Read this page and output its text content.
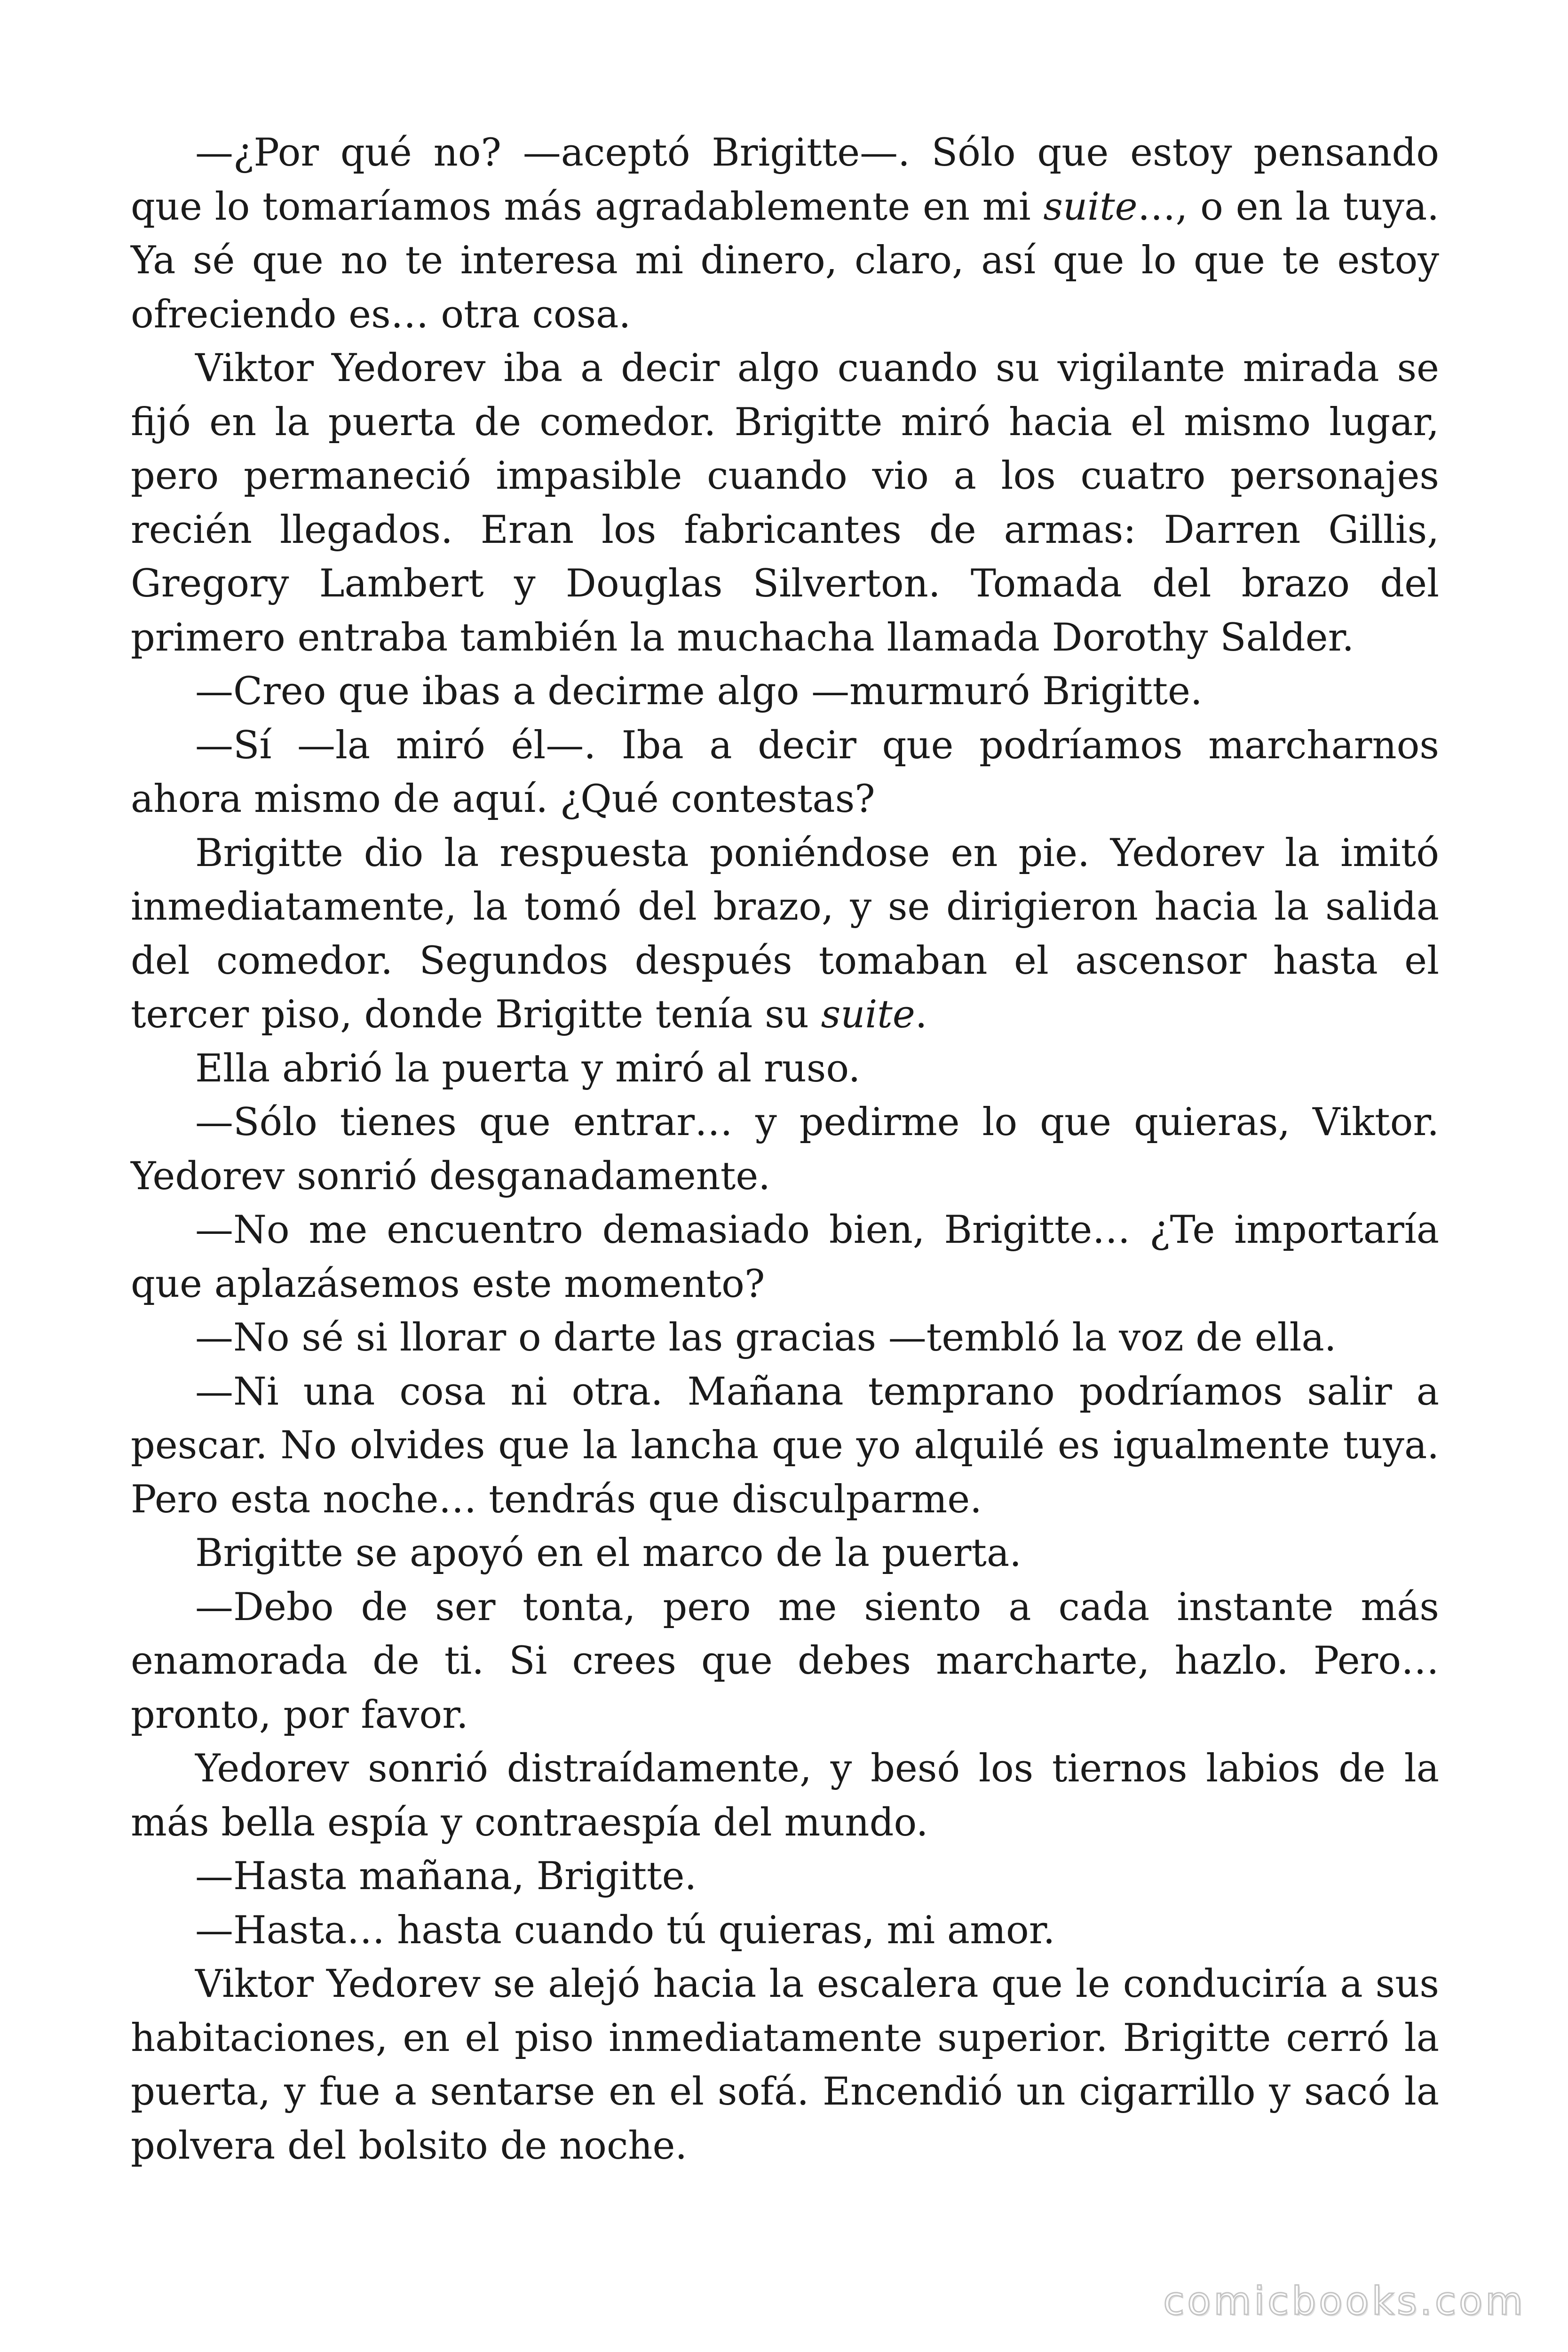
—¿Por qué no? —aceptó Brigitte—. Sólo que estoy pensando que lo tomaríamos más agradablemente en mi suite…, o en la tuya. Ya sé que no te interesa mi dinero, claro, así que lo que te estoy ofreciendo es… otra cosa.

Viktor Yedorev iba a decir algo cuando su vigilante mirada se fijó en la puerta de comedor. Brigitte miró hacia el mismo lugar, pero permaneció impasible cuando vio a los cuatro personajes recién llegados. Eran los fabricantes de armas: Darren Gillis, Gregory Lambert y Douglas Silverton. Tomada del brazo del primero entraba también la muchacha llamada Dorothy Salder.

—Creo que ibas a decirme algo —murmuró Brigitte.

—Sí —la miró él—. Iba a decir que podríamos marcharnos ahora mismo de aquí. ¿Qué contestas?

Brigitte dio la respuesta poniéndose en pie. Yedorev la imitó inmediatamente, la tomó del brazo, y se dirigieron hacia la salida del comedor. Segundos después tomaban el ascensor hasta el tercer piso, donde Brigitte tenía su suite.

Ella abrió la puerta y miró al ruso.

—Sólo tienes que entrar… y pedirme lo que quieras, Viktor. Yedorev sonrió desganadamente.

—No me encuentro demasiado bien, Brigitte… ¿Te importaría que aplazásemos este momento?

—No sé si llorar o darte las gracias —tembló la voz de ella.

—Ni una cosa ni otra. Mañana temprano podríamos salir a pescar. No olvides que la lancha que yo alquilé es igualmente tuya. Pero esta noche… tendrás que disculparme.

Brigitte se apoyó en el marco de la puerta.

—Debo de ser tonta, pero me siento a cada instante más enamorada de ti. Si crees que debes marcharte, hazlo. Pero… pronto, por favor.

Yedorev sonrió distraídamente, y besó los tiernos labios de la más bella espía y contraespía del mundo.

—Hasta mañana, Brigitte.

—Hasta… hasta cuando tú quieras, mi amor.

Viktor Yedorev se alejó hacia la escalera que le conduciría a sus habitaciones, en el piso inmediatamente superior. Brigitte cerró la puerta, y fue a sentarse en el sofá. Encendió un cigarrillo y sacó la polvera del bolsito de noche.

comicbooks.com
